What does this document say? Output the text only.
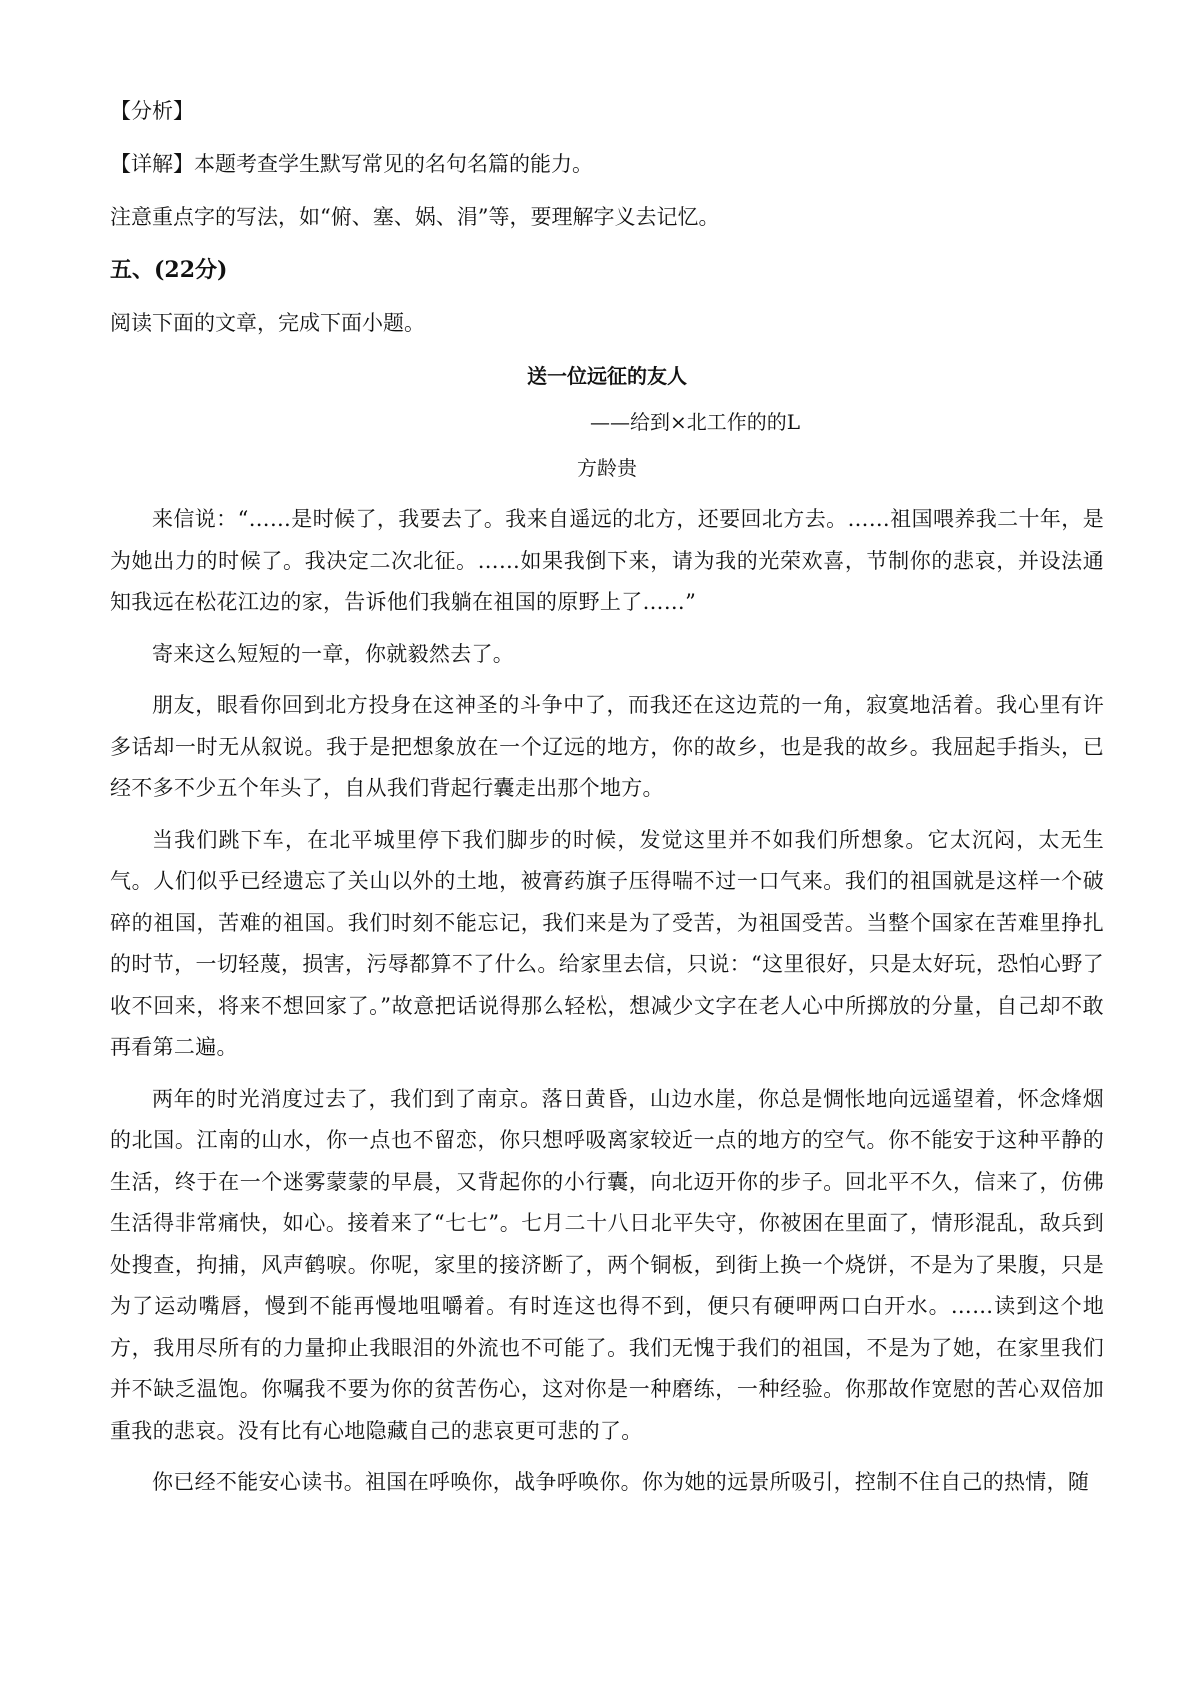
【分析】
【详解】本题考查学生默写常见的名句名篇的能力。
注意重点字的写法，如“俯、塞、娲、涓”等，要理解字义去记忆。
五、(22分)
阅读下面的文章，完成下面小题。
送一位远征的友人
——给到×北工作的的L
方龄贵

来信说：“……是时候了，我要去了。我来自遥远的北方，还要回北方去。……祖国喂养我二十年，是为她出力的时候了。我决定二次北征。……如果我倒下来，请为我的光荣欢喜，节制你的悲哀，并设法通知我远在松花江边的家，告诉他们我躺在祖国的原野上了……”

寄来这么短短的一章，你就毅然去了。

朋友，眼看你回到北方投身在这神圣的斗争中了，而我还在这边荒的一角，寂寞地活着。我心里有许多话却一时无从叙说。我于是把想象放在一个辽远的地方，你的故乡，也是我的故乡。我屈起手指头，已经不多不少五个年头了，自从我们背起行囊走出那个地方。

当我们跳下车，在北平城里停下我们脚步的时候，发觉这里并不如我们所想象。它太沉闷，太无生气。人们似乎已经遗忘了关山以外的土地，被膏药旗子压得喘不过一口气来。我们的祖国就是这样一个破碎的祖国，苦难的祖国。我们时刻不能忘记，我们来是为了受苦，为祖国受苦。当整个国家在苦难里挣扎的时节，一切轻蔑，损害，污辱都算不了什么。给家里去信，只说：“这里很好，只是太好玩，恐怕心野了收不回来，将来不想回家了。”故意把话说得那么轻松，想减少文字在老人心中所掷放的分量，自己却不敢再看第二遍。

两年的时光消度过去了，我们到了南京。落日黄昏，山边水崖，你总是惆怅地向远遥望着，怀念烽烟的北国。江南的山水，你一点也不留恋，你只想呼吸离家较近一点的地方的空气。你不能安于这种平静的生活，终于在一个迷雾蒙蒙的早晨，又背起你的小行囊，向北迈开你的步子。回北平不久，信来了，仿佛生活得非常痛快，如心。接着来了“七七”。七月二十八日北平失守，你被困在里面了，情形混乱，敌兵到处搜查，拘捕，风声鹤唳。你呢，家里的接济断了，两个铜板，到街上换一个烧饼，不是为了果腹，只是为了运动嘴唇，慢到不能再慢地咀嚼着。有时连这也得不到，便只有硬呷两口白开水。……读到这个地方，我用尽所有的力量抑止我眼泪的外流也不可能了。我们无愧于我们的祖国，不是为了她，在家里我们并不缺乏温饱。你嘱我不要为你的贫苦伤心，这对你是一种磨练，一种经验。你那故作宽慰的苦心双倍加重我的悲哀。没有比有心地隐藏自己的悲哀更可悲的了。

你已经不能安心读书。祖国在呼唤你，战争呼唤你。你为她的远景所吸引，控制不住自己的热情，随
